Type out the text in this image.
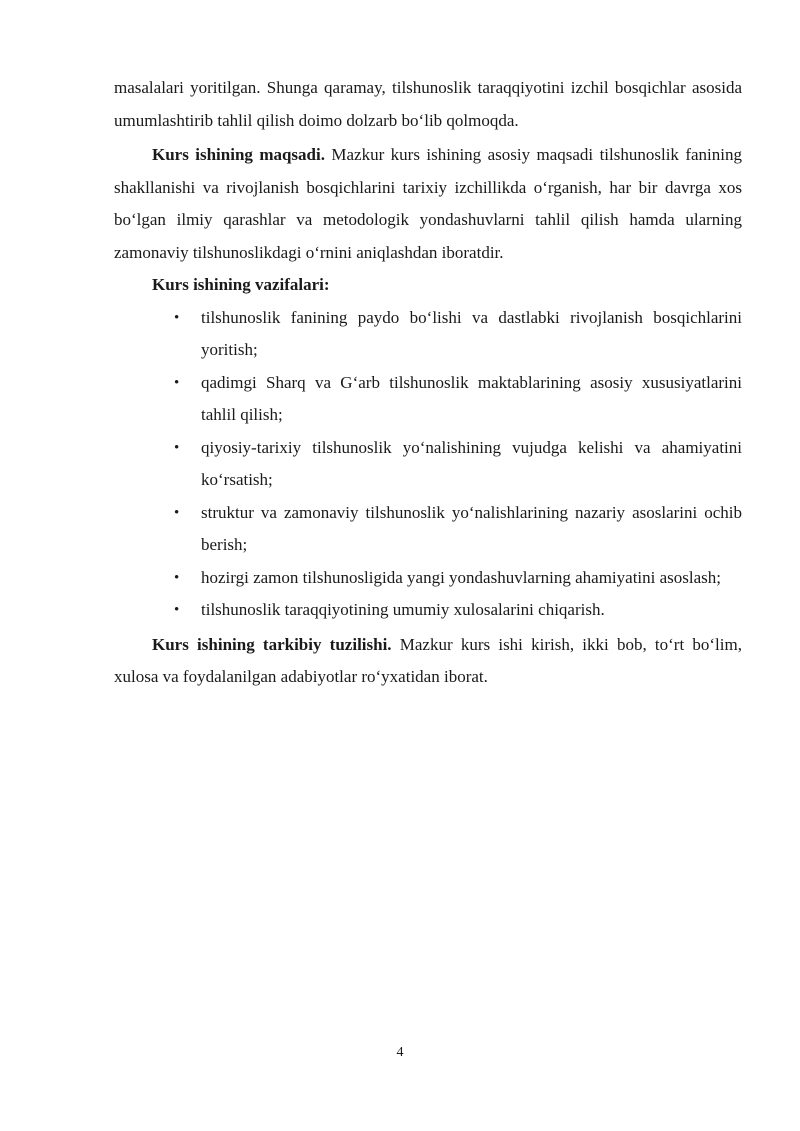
masalalari yoritilgan. Shunga qaramay, tilshunoslik taraqqiyotini izchil bosqichlar asosida umumlashtirib tahlil qilish doimo dolzarb bo‘lib qolmoqda.

Kurs ishining maqsadi. Mazkur kurs ishining asosiy maqsadi tilshunoslik fanining shakllanishi va rivojlanish bosqichlarini tarixiy izchillikda o‘rganish, har bir davrga xos bo‘lgan ilmiy qarashlar va metodologik yondashuvlarni tahlil qilish hamda ularning zamonaviy tilshunoslikdagi o‘rnini aniqlashdan iboratdir.

Kurs ishining vazifalari:

• tilshunoslik fanining paydo bo‘lishi va dastlabki rivojlanish bosqichlarini yoritish;
• qadimgi Sharq va G‘arb tilshunoslik maktablarining asosiy xususiyatlarini tahlil qilish;
• qiyosiy-tarixiy tilshunoslik yo‘nalishining vujudga kelishi va ahamiyatini ko‘rsatish;
• struktur va zamonaviy tilshunoslik yo‘nalishlarining nazariy asoslarini ochib berish;
• hozirgi zamon tilshunosligida yangi yondashuvlarning ahamiyatini asoslash;
• tilshunoslik taraqqiyotining umumiy xulosalarini chiqarish.

Kurs ishining tarkibiy tuzilishi. Mazkur kurs ishi kirish, ikki bob, to‘rt bo‘lim, xulosa va foydalanilgan adabiyotlar ro‘yxatidan iborat.

4
